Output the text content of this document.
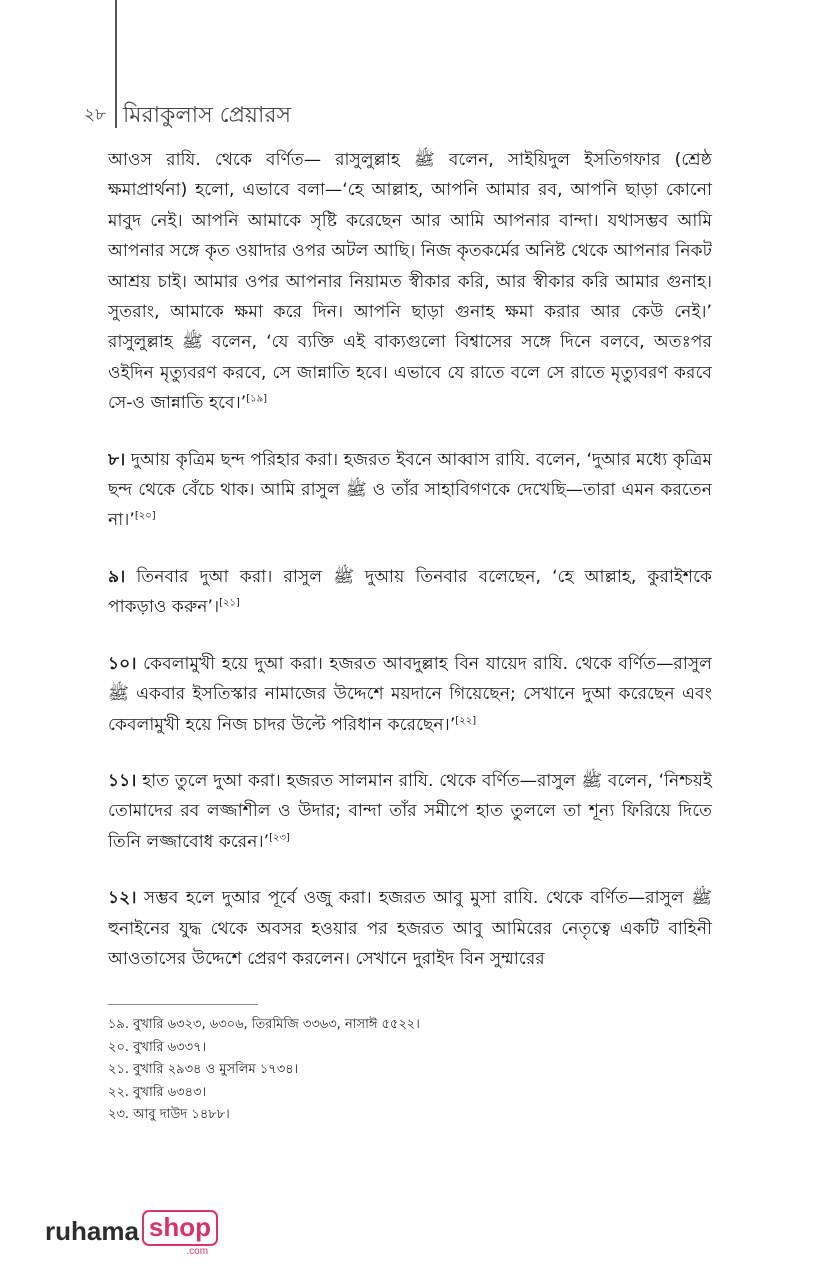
২৮ মিরাকুলাস প্রেয়ারস

আওস রাযি. থেকে বর্ণিত— রাসুলুল্লাহ ﷺ বলেন, সাইয়িদুল ইসতিগফার (শ্রেষ্ঠ ক্ষমাপ্রার্থনা) হলো, এভাবে বলা—‘হে আল্লাহ, আপনি আমার রব, আপনি ছাড়া কোনো মাবুদ নেই। আপনি আমাকে সৃষ্টি করেছেন আর আমি আপনার বান্দা। যথাসম্ভব আমি আপনার সঙ্গে কৃত ওয়াদার ওপর অটল আছি। নিজ কৃতকর্মের অনিষ্ট থেকে আপনার নিকট আশ্রয় চাই। আমার ওপর আপনার নিয়ামত স্বীকার করি, আর স্বীকার করি আমার গুনাহ। সুতরাং, আমাকে ক্ষমা করে দিন। আপনি ছাড়া গুনাহ ক্ষমা করার আর কেউ নেই।’ রাসুলুল্লাহ ﷺ বলেন, ‘যে ব্যক্তি এই বাক্যগুলো বিশ্বাসের সঙ্গে দিনে বলবে, অতঃপর ওইদিন মৃত্যুবরণ করবে, সে জান্নাতি হবে। এভাবে যে রাতে বলে সে রাতে মৃত্যুবরণ করবে সে-ও জান্নাতি হবে।’[১৯]

৮। দুআয় কৃত্রিম ছন্দ পরিহার করা। হজরত ইবনে আব্বাস রাযি. বলেন, ‘দুআর মধ্যে কৃত্রিম ছন্দ থেকে বেঁচে থাক। আমি রাসুল ﷺ ও তাঁর সাহাবিগণকে দেখেছি—তারা এমন করতেন না।’[২০]

৯। তিনবার দুআ করা। রাসুল ﷺ দুআয় তিনবার বলেছেন, ‘হে আল্লাহ, কুরাইশকে পাকড়াও করুন’।[২১]

১০। কেবলামুখী হয়ে দুআ করা। হজরত আবদুল্লাহ বিন যায়েদ রাযি. থেকে বর্ণিত—রাসুল ﷺ একবার ইসতিস্কার নামাজের উদ্দেশে ময়দানে গিয়েছেন; সেখানে দুআ করেছেন এবং কেবলামুখী হয়ে নিজ চাদর উল্টে পরিধান করেছেন।’[২২]

১১। হাত তুলে দুআ করা। হজরত সালমান রাযি. থেকে বর্ণিত—রাসুল ﷺ বলেন, ‘নিশ্চয়ই তোমাদের রব লজ্জাশীল ও উদার; বান্দা তাঁর সমীপে হাত তুললে তা শূন্য ফিরিয়ে দিতে তিনি লজ্জাবোধ করেন।’[২৩]

১২। সম্ভব হলে দুআর পূর্বে ওজু করা। হজরত আবু মুসা রাযি. থেকে বর্ণিত—রাসুল ﷺ হুনাইনের যুদ্ধ থেকে অবসর হওয়ার পর হজরত আবু আমিরের নেতৃত্বে একটি বাহিনী আওতাসের উদ্দেশে প্রেরণ করলেন। সেখানে দুরাইদ বিন সুম্মারের

১৯. বুখারি ৬৩২৩, ৬৩০৬, তিরমিজি ৩৩৬৩, নাসাঈ ৫৫২২।
২০. বুখারি ৬৩৩৭।
২১. বুখারি ২৯৩৪ ও মুসলিম ১৭৩৪।
২২. বুখারি ৬৩৪৩।
২৩. আবু দাউদ ১৪৮৮।
ruhama shop
.com
